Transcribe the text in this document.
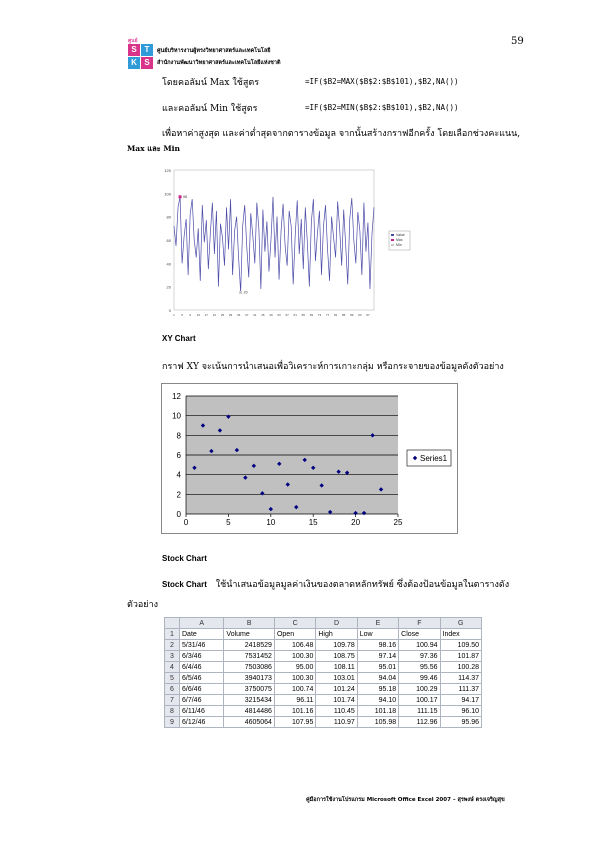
59
ศูนย์
S T
K S
ศูนย์บริหารงานผู้ทรงวิทยาศาสตร์และเทคโนโลยี
สำนักงานพัฒนาวิทยาศาสตร์และเทคโนโลยีแห่งชาติ
โดยคอลัมน์ Max ใช้สูตร	=IF($B2=MAX($B$2:$B$101),$B2,NA())
และคอลัมน์ Min ใช้สูตร	=IF($B2=MIN($B$2:$B$101),$B2,NA())
เพื่อหาค่าสูงสุด และค่าต่ำสุดจากตารางข้อมูล จากนั้นสร้างกราฟอีกครั้ง โดยเลือกช่วงคะแนน,
Max และ Min
0
20
40
60
80
100
120
1 5 9 13 17 21 25 29 33 37 41 45 49 53 57 61 65 69 73 77 81 85 89 93 97
98
20
Value
Max
Min
XY Chart
กราฟ XY จะเน้นการนำเสนอเพื่อวิเคราะห์การเกาะกลุ่ม หรือกระจายของข้อมูลดังตัวอย่าง
0
2
4
6
8
10
12
0	5	10	15	20	25
Series1
Stock Chart
Stock Chart ใช้นำเสนอข้อมูลมูลค่าเงินของตลาดหลักทรัพย์ ซึ่งต้องป้อนข้อมูลในตารางดัง
ตัวอย่าง
	A	B	C	D	E	F	G
1	Date	Volume	Open	High	Low	Close	Index
2	5/31/46	2418529	106.48	109.78	98.16	100.94	109.50
3	6/3/46	7531452	100.30	108.75	97.14	97.36	101.87
4	6/4/46	7503086	95.00	108.11	95.01	95.56	100.28
5	6/5/46	3940173	100.30	103.01	94.04	99.46	114.37
6	6/6/46	3750075	100.74	101.24	95.18	100.29	111.37
7	6/7/46	3215434	96.11	101.74	94.10	100.17	94.17
8	6/11/46	4814486	101.16	110.45	101.18	111.15	96.10
9	6/12/46	4605064	107.95	110.97	105.98	112.96	95.96
คู่มือการใช้งานโปรแกรม Microsoft Office Excel 2007 – สุรพงษ์ ตรงเจริญสุข
